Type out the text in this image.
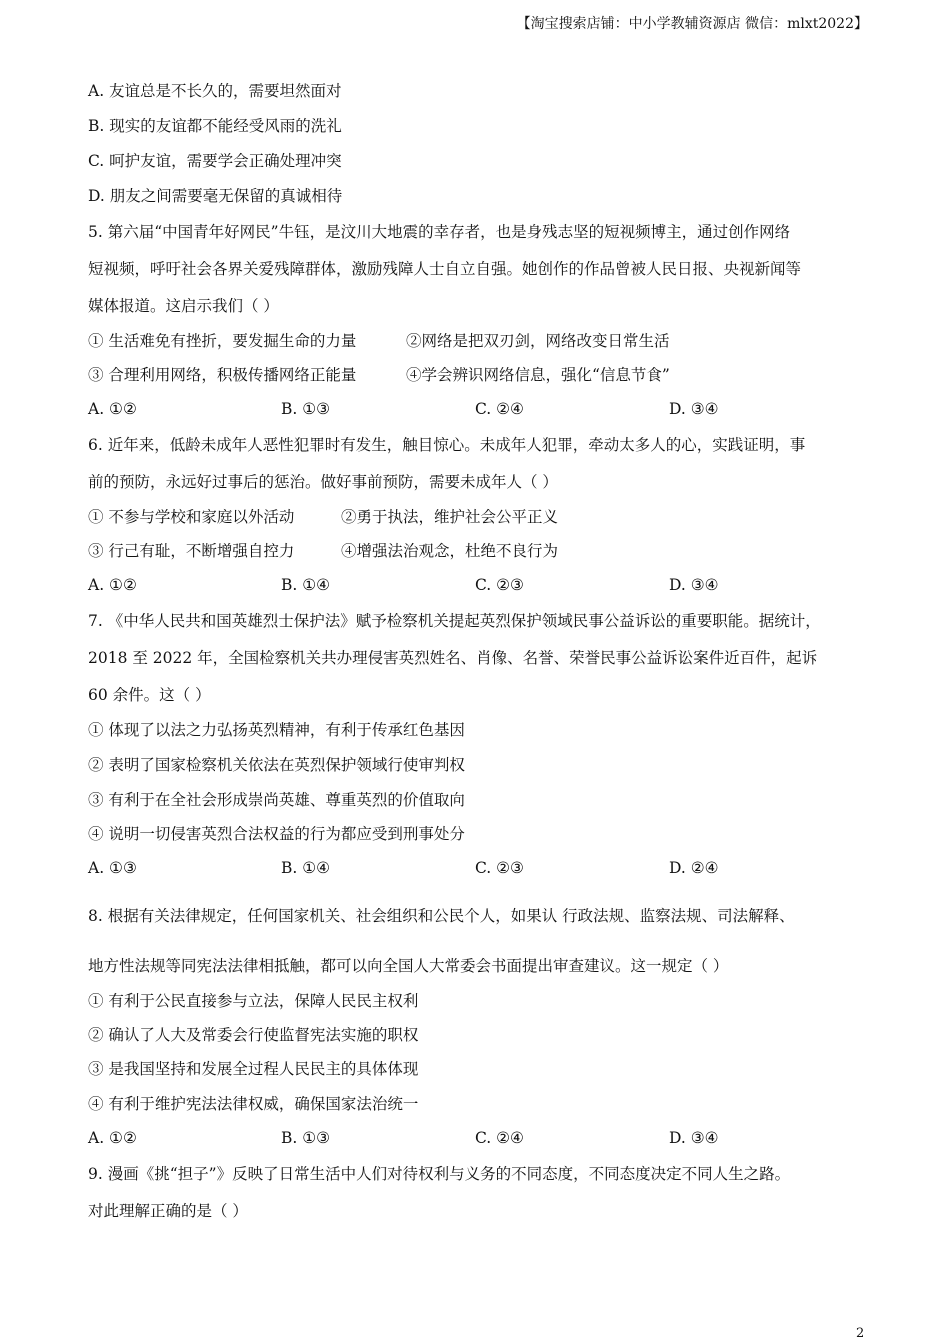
【淘宝搜索店铺：中小学教辅资源店 微信：mlxt2022】
A. 友谊总是不长久的，需要坦然面对
B. 现实的友谊都不能经受风雨的洗礼
C. 呵护友谊，需要学会正确处理冲突
D. 朋友之间需要毫无保留的真诚相待
5. 第六届“中国青年好网民”牛钰，是汶川大地震的幸存者，也是身残志坚的短视频博主，通过创作网络
短视频，呼吁社会各界关爱残障群体，激励残障人士自立自强。她创作的作品曾被人民日报、央视新闻等
媒体报道。这启示我们（ ）
① 生活难免有挫折，要发掘生命的力量	②网络是把双刃剑，网络改变日常生活
③ 合理利用网络，积极传播网络正能量	④学会辨识网络信息，强化“信息节食”
A. ①②	B. ①③	C. ②④	D. ③④
6. 近年来，低龄未成年人恶性犯罪时有发生，触目惊心。未成年人犯罪，牵动太多人的心，实践证明，事
前的预防，永远好过事后的惩治。做好事前预防，需要未成年人（ ）
① 不参与学校和家庭以外活动	②勇于执法，维护社会公平正义
③ 行己有耻，不断增强自控力	④增强法治观念，杜绝不良行为
A. ①②	B. ①④	C. ②③	D. ③④
7. 《中华人民共和国英雄烈士保护法》赋予检察机关提起英烈保护领域民事公益诉讼的重要职能。据统计，
2018 至 2022 年，全国检察机关共办理侵害英烈姓名、肖像、名誉、荣誉民事公益诉讼案件近百件，起诉
60 余件。这（ ）
① 体现了以法之力弘扬英烈精神，有利于传承红色基因
② 表明了国家检察机关依法在英烈保护领域行使审判权
③ 有利于在全社会形成崇尚英雄、尊重英烈的价值取向
④ 说明一切侵害英烈合法权益的行为都应受到刑事处分
A. ①③	B. ①④	C. ②③	D. ②④
8. 根据有关法律规定，任何国家机关、社会组织和公民个人，如果认 行政法规、监察法规、司法解释、
地方性法规等同宪法法律相抵触，都可以向全国人大常委会书面提出审查建议。这一规定（ ）
① 有利于公民直接参与立法，保障人民民主权利
② 确认了人大及常委会行使监督宪法实施的职权
③ 是我国坚持和发展全过程人民民主的具体体现
④ 有利于维护宪法法律权威，确保国家法治统一
A. ①②	B. ①③	C. ②④	D. ③④
9. 漫画《挑“担子”》反映了日常生活中人们对待权利与义务的不同态度，不同态度决定不同人生之路。
对此理解正确的是（ ）
2
